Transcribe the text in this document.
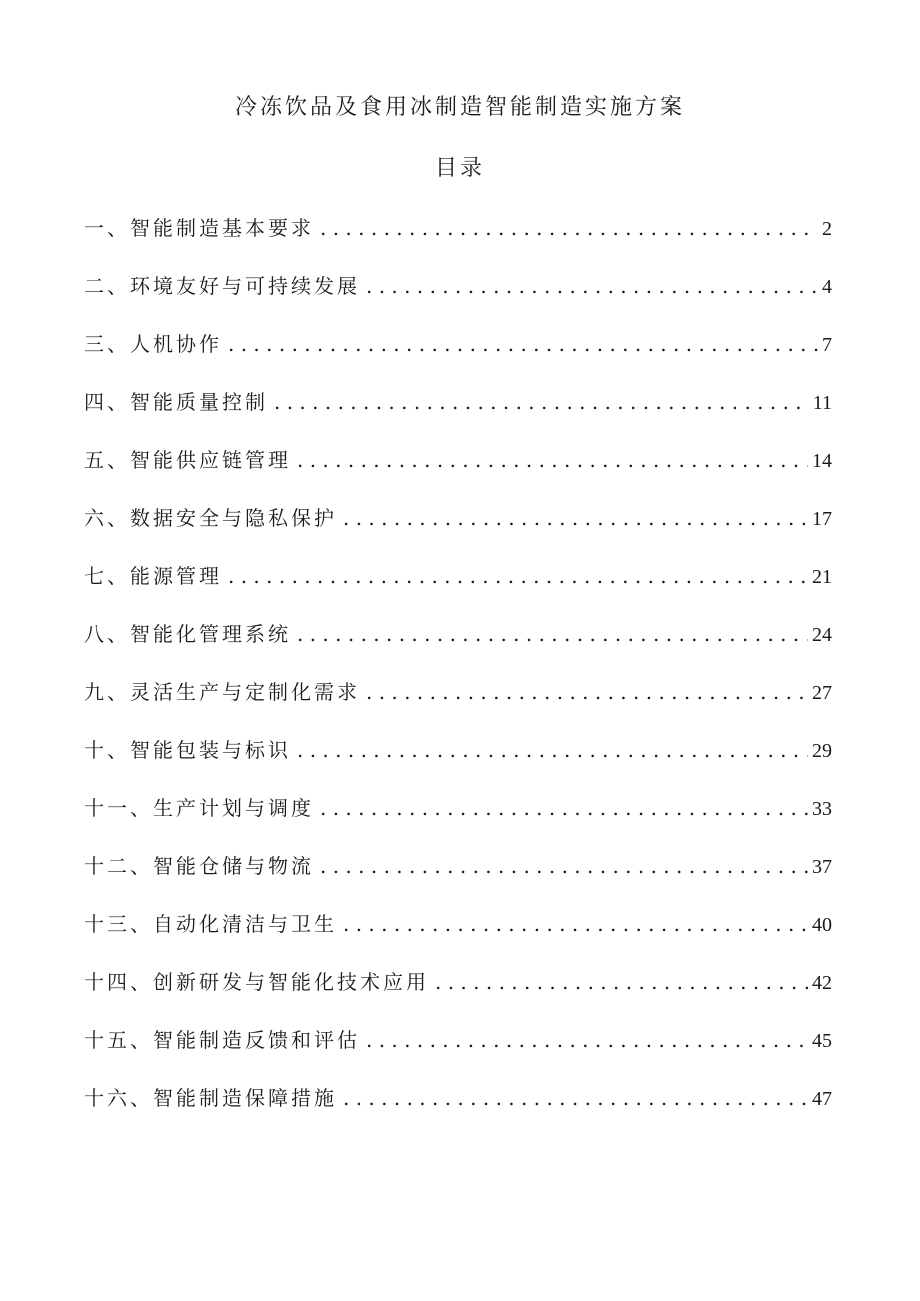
冷冻饮品及食用冰制造智能制造实施方案
目录
一、智能制造基本要求 . . .	2
二、环境友好与可持续发展 . . .	4
三、人机协作 . . .	7
四、智能质量控制 . . .	11
五、智能供应链管理 . . .	14
六、数据安全与隐私保护 . . .	17
七、能源管理 . . .	21
八、智能化管理系统 . . .	24
九、灵活生产与定制化需求 . . .	27
十、智能包装与标识 . . .	29
十一、生产计划与调度 . . .	33
十二、智能仓储与物流 . . .	37
十三、自动化清洁与卫生 . . .	40
十四、创新研发与智能化技术应用 . . .	42
十五、智能制造反馈和评估 . . .	45
十六、智能制造保障措施 . . .	47
